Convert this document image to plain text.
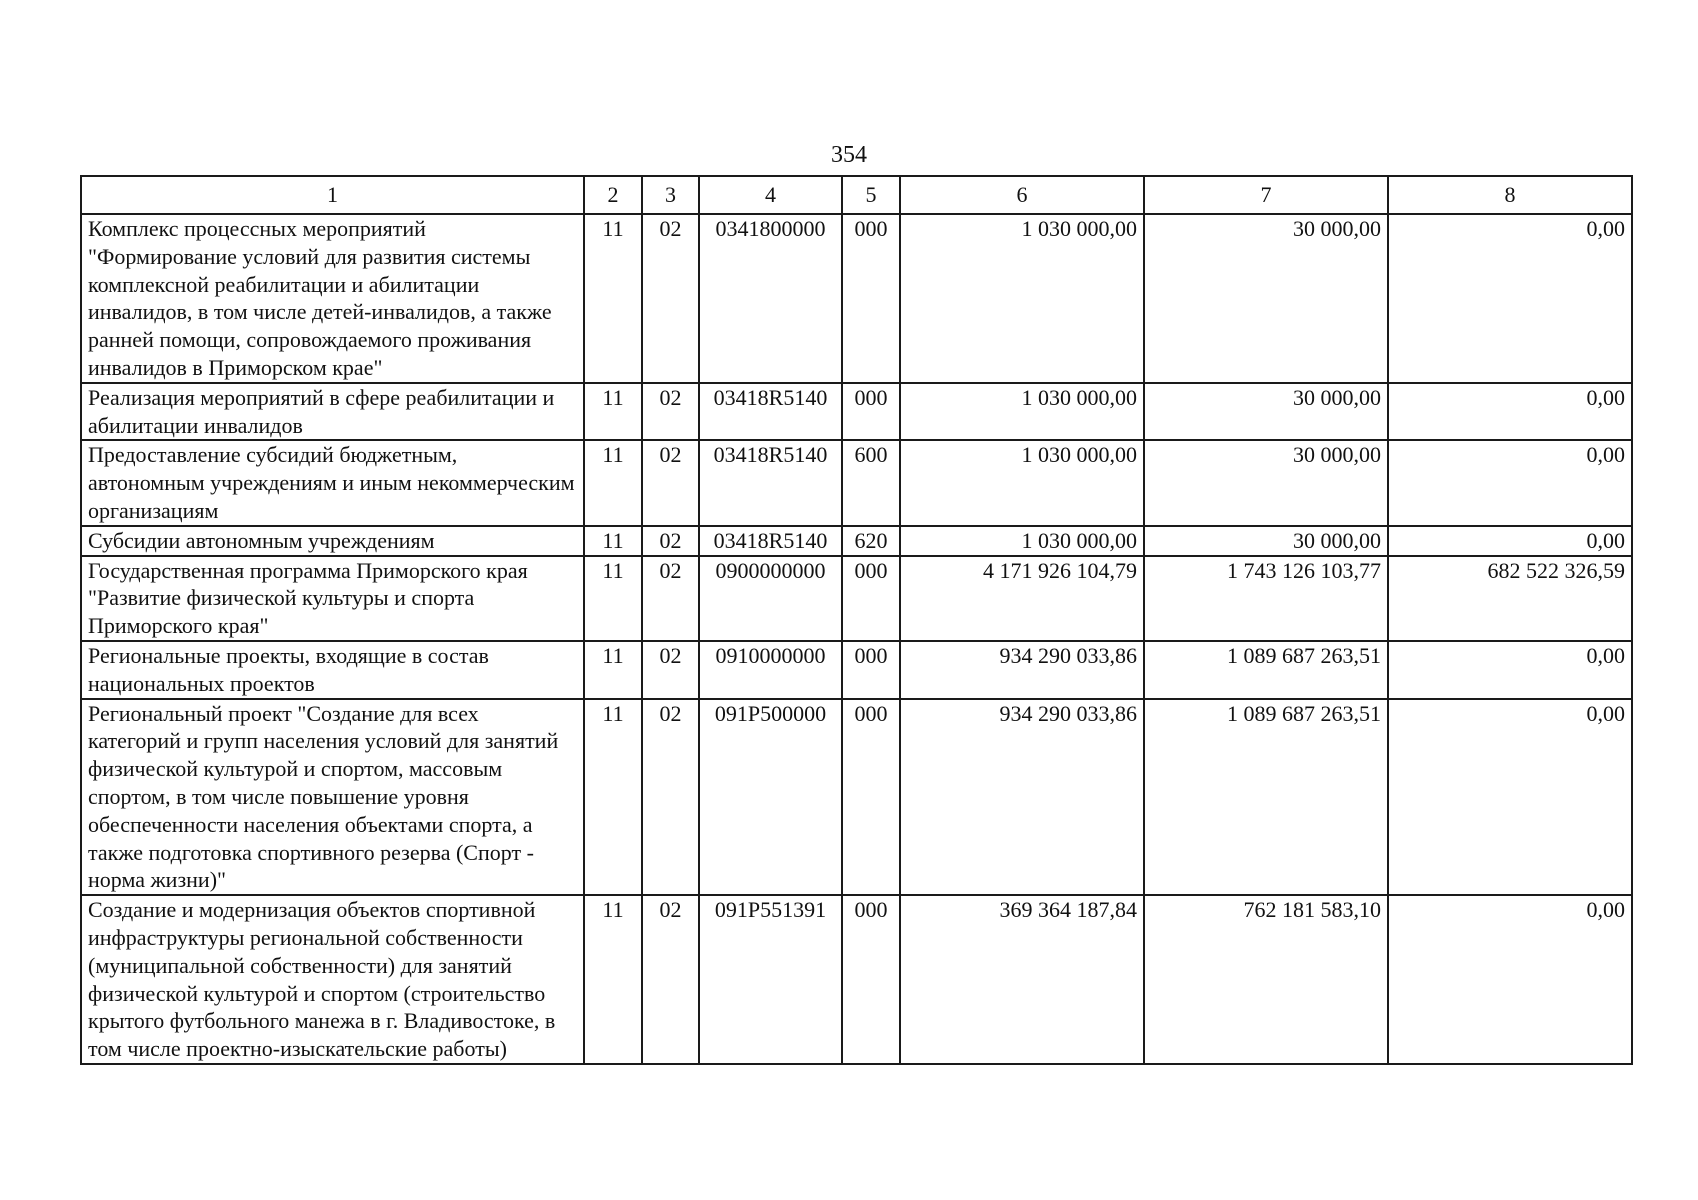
354
1	2	3	4	5	6	7	8
Комплекс процессных мероприятий "Формирование условий для развития системы комплексной реабилитации и абилитации инвалидов, в том числе детей-инвалидов, а также ранней помощи, сопровождаемого проживания инвалидов в Приморском крае"	11	02	0341800000	000	1 030 000,00	30 000,00	0,00
Реализация мероприятий в сфере реабилитации и абилитации инвалидов	11	02	03418R5140	000	1 030 000,00	30 000,00	0,00
Предоставление субсидий бюджетным, автономным учреждениям и иным некоммерческим организациям	11	02	03418R5140	600	1 030 000,00	30 000,00	0,00
Субсидии автономным учреждениям	11	02	03418R5140	620	1 030 000,00	30 000,00	0,00
Государственная программа Приморского края "Развитие физической культуры и спорта Приморского края"	11	02	0900000000	000	4 171 926 104,79	1 743 126 103,77	682 522 326,59
Региональные проекты, входящие в состав национальных проектов	11	02	0910000000	000	934 290 033,86	1 089 687 263,51	0,00
Региональный проект "Создание для всех категорий и групп населения условий для занятий физической культурой и спортом, массовым спортом, в том числе повышение уровня обеспеченности населения объектами спорта, а также подготовка спортивного резерва (Спорт - норма жизни)"	11	02	091P500000	000	934 290 033,86	1 089 687 263,51	0,00
Создание и модернизация объектов спортивной инфраструктуры региональной собственности (муниципальной собственности) для занятий физической культурой и спортом (строительство крытого футбольного манежа в г. Владивостоке, в том числе проектно-изыскательские работы)	11	02	091P551391	000	369 364 187,84	762 181 583,10	0,00
